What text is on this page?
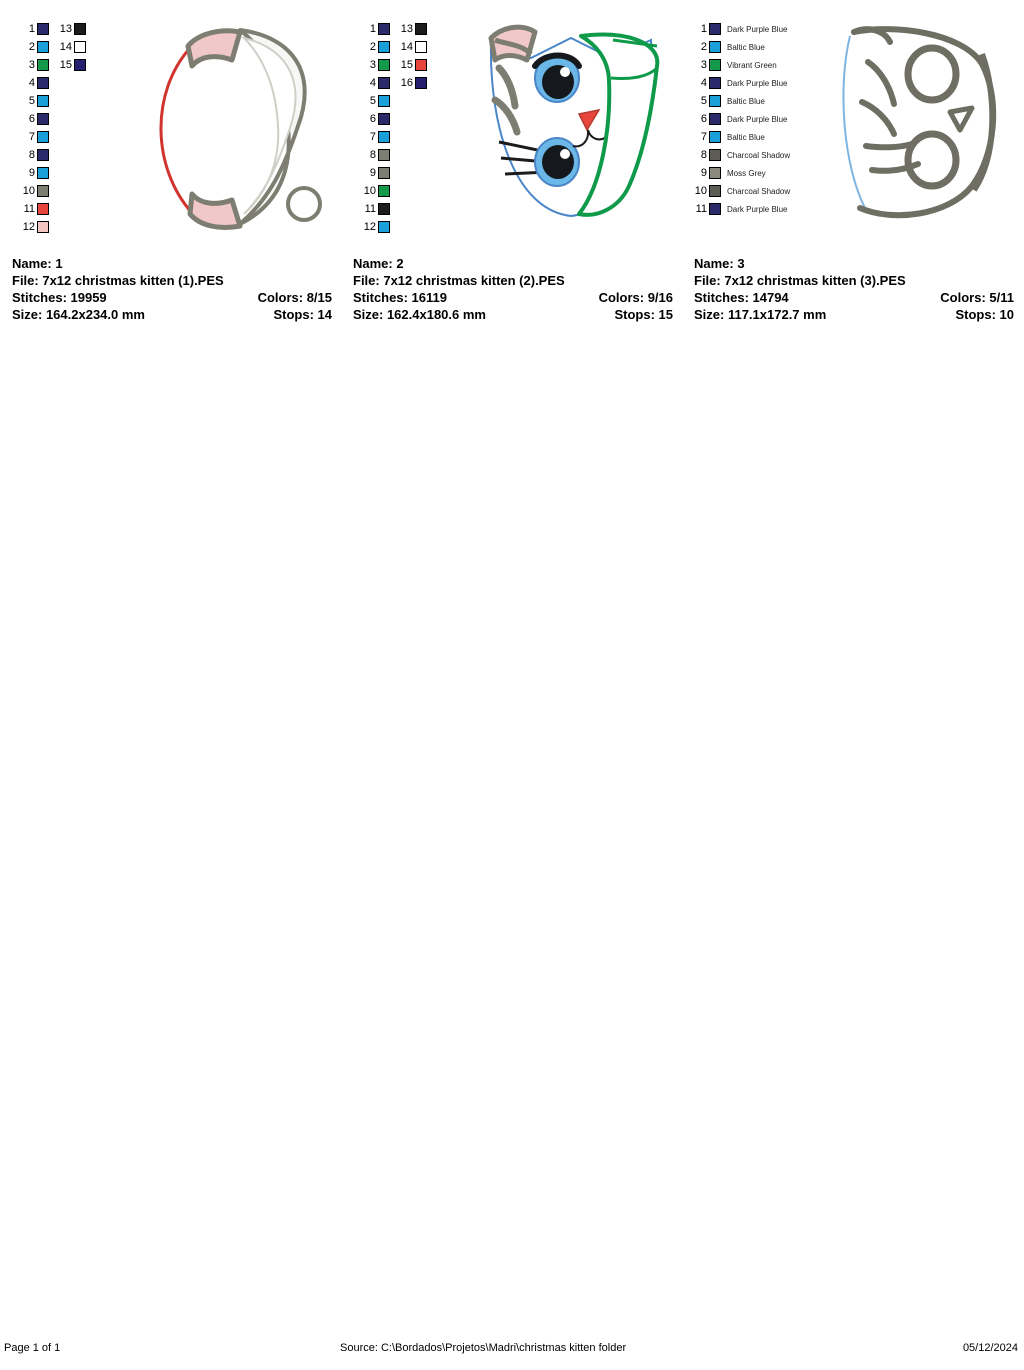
1
2
3
4
5
6
7
8
9
10
11
12
13
14
15
Name: 1
File: 7x12 christmas kitten (1).PES
Stitches: 19959	Colors: 8/15
Size: 164.2x234.0 mm	Stops: 14
1
2
3
4
5
6
7
8
9
10
11
12
13
14
15
16
Name: 2
File: 7x12 christmas kitten (2).PES
Stitches: 16119	Colors: 9/16
Size: 162.4x180.6 mm	Stops: 15
1	Dark Purple Blue
2	Baltic Blue
3	Vibrant Green
4	Dark Purple Blue
5	Baltic Blue
6	Dark Purple Blue
7	Baltic Blue
8	Charcoal Shadow
9	Moss Grey
10	Charcoal Shadow
11	Dark Purple Blue
Name: 3
File: 7x12 christmas kitten (3).PES
Stitches: 14794	Colors: 5/11
Size: 117.1x172.7 mm	Stops: 10
Page 1 of 1	Source: C:\Bordados\Projetos\Madri\christmas kitten folder	05/12/2024
